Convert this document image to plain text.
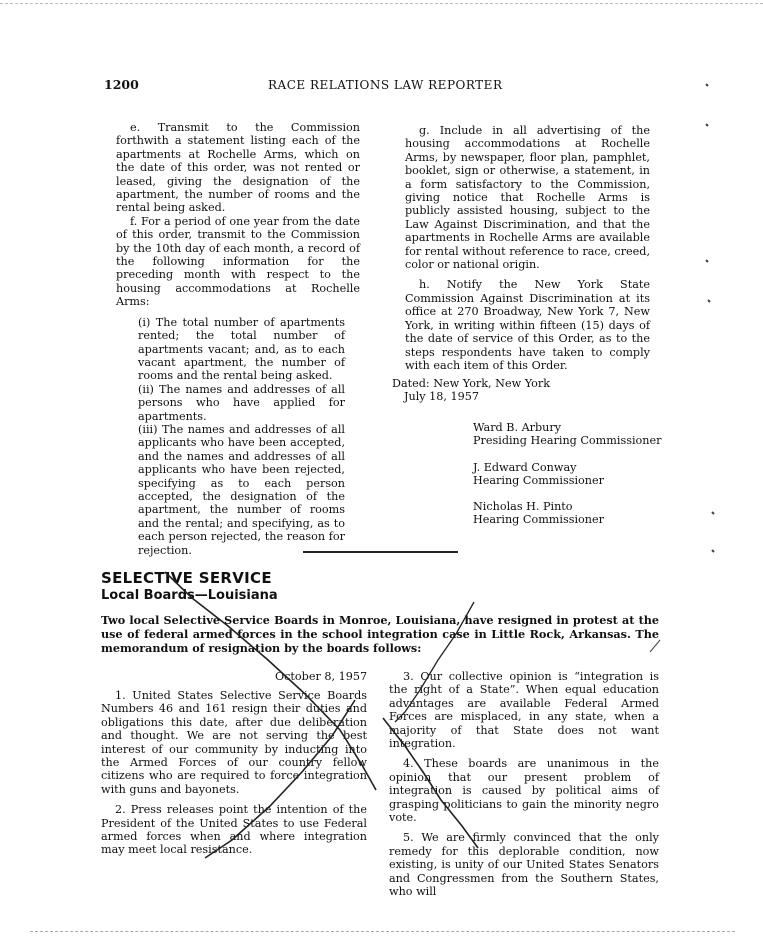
1200	RACE RELATIONS LAW REPORTER

e. Transmit to the Commission forthwith a statement listing each of the apartments at Rochelle Arms, which on the date of this order, was not rented or leased, giving the designation of the apartment, the number of rooms and the rental being asked.

f. For a period of one year from the date of this order, transmit to the Commission by the 10th day of each month, a record of the following information for the preceding month with respect to the housing accommodations at Rochelle Arms:

(i) The total number of apartments rented; the total number of apartments vacant; and, as to each vacant apartment, the number of rooms and the rental being asked.

(ii) The names and addresses of all persons who have applied for apartments.

(iii) The names and addresses of all applicants who have been accepted, and the names and addresses of all applicants who have been rejected, specifying as to each person accepted, the designation of the apartment, the number of rooms and the rental; and specifying, as to each person rejected, the reason for rejection.

g. Include in all advertising of the housing accommodations at Rochelle Arms, by newspaper, floor plan, pamphlet, booklet, sign or otherwise, a statement, in a form satisfactory to the Commission, giving notice that Rochelle Arms is publicly assisted housing, subject to the Law Against Discrimination, and that the apartments in Rochelle Arms are available for rental without reference to race, creed, color or national origin.

h. Notify the New York State Commission Against Discrimination at its office at 270 Broadway, New York 7, New York, in writing within fifteen (15) days of the date of service of this Order, as to the steps respondents have taken to comply with each item of this Order.

Dated: New York, New York
July 18, 1957
Ward B. Arbury
Presiding Hearing Commissioner
J. Edward Conway
Hearing Commissioner
Nicholas H. Pinto
Hearing Commissioner
SELECTIVE SERVICE
Local Boards—Louisiana
Two local Selective Service Boards in Monroe, Louisiana, have resigned in protest at the use of federal armed forces in the school integration case in Little Rock, Arkansas. The memorandum of resignation by the boards follows:
October 8, 1957

1. United States Selective Service Boards Numbers 46 and 161 resign their duties and obligations this date, after due deliberation and thought. We are not serving the best interest of our community by inducting into the Armed Forces of our country fellow citizens who are required to force integration with guns and bayonets.

2. Press releases point the intention of the President of the United States to use Federal armed forces when and where integration may meet local resistance.

3. Our collective opinion is “integration is the right of a State”. When equal education advantages are available Federal Armed Forces are misplaced, in any state, when a majority of that State does not want integration.

4. These boards are unanimous in the opinion that our present problem of integration is caused by political aims of grasping politicians to gain the minority negro vote.

5. We are firmly convinced that the only remedy for this deplorable condition, now existing, is unity of our United States Senators and Congressmen from the Southern States, who will
